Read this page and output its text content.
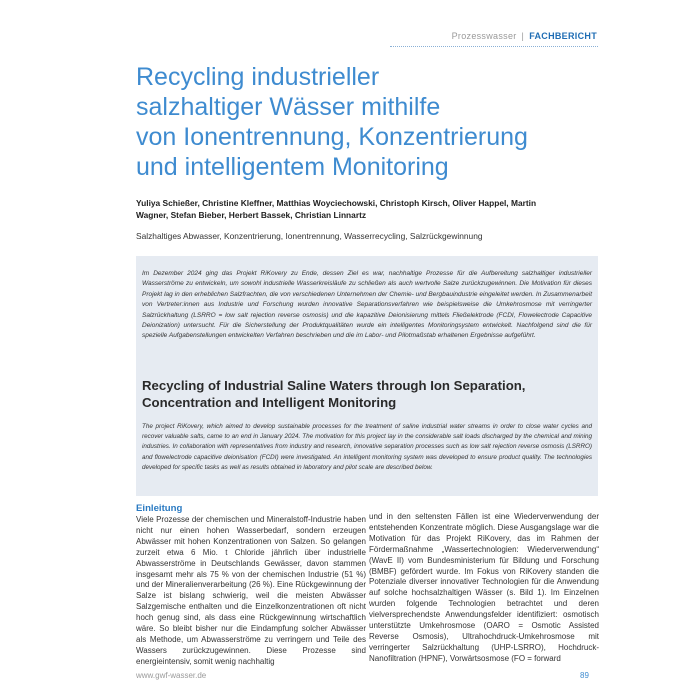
Prozesswasser | FACHBERICHT
Recycling industrieller
salzhaltiger Wässer mithilfe
von Ionentrennung, Konzentrierung
und intelligentem Monitoring
Yuliya Schießer, Christine Kleffner, Matthias Woyciechowski, Christoph Kirsch, Oliver Happel, Martin Wagner, Stefan Bieber, Herbert Bassek, Christian Linnartz
Salzhaltiges Abwasser, Konzentrierung, Ionentrennung, Wasserrecycling, Salzrückgewinnung

Im Dezember 2024 ging das Projekt RiKovery zu Ende, dessen Ziel es war, nachhaltige Prozesse für die Aufbereitung salzhaltiger industrieller Wasserströme zu entwickeln, um sowohl industrielle Wasserkreisläufe zu schließen als auch wertvolle Salze zurückzugewinnen. Die Motivation für dieses Projekt lag in den erheblichen Salzfrachten, die von verschiedenen Unternehmen der Chemie- und Bergbauindustrie eingeleitet werden. In Zusammenarbeit von Vertreter:innen aus Industrie und Forschung wurden innovative Separationsverfahren wie beispielsweise die Umkehrosmose mit verringerter Salzrückhaltung (LSRRO = low salt rejection reverse osmosis) und die kapazitive Deionisierung mittels Fließelektrode (FCDI, Flowelectrode Capacitive Deionization) untersucht. Für die Sicherstellung der Produktqualitäten wurde ein intelligentes Monitoringsystem entwickelt. Nachfolgend sind die für spezielle Aufgabenstellungen entwickelten Verfahren beschrieben und die im Labor- und Pilotmaßstab erhaltenen Ergebnisse aufgeführt.

Recycling of Industrial Saline Waters through Ion Separation,
Concentration and Intelligent Monitoring

The project RiKovery, which aimed to develop sustainable processes for the treatment of saline industrial water streams in order to close water cycles and recover valuable salts, came to an end in January 2024. The motivation for this project lay in the considerable salt loads discharged by the chemical and mining industries. In collaboration with representatives from industry and research, innovative separation processes such as low salt rejection reverse osmosis (LSRRO) and flowelectrode capacitive deionisation (FCDI) were investigated. An intelligent monitoring system was developed to ensure product quality. The technologies developed for specific tasks as well as results obtained in laboratory and pilot scale are described below.

Einleitung

Viele Prozesse der chemischen und Mineralstoff-Industrie haben nicht nur einen hohen Wasserbedarf, sondern erzeugen Abwässer mit hohen Konzentrationen von Salzen. So gelangen zurzeit etwa 6 Mio. t Chloride jährlich über industrielle Abwasserströme in Deutschlands Gewässer, davon stammen insgesamt mehr als 75 % von der chemischen Industrie (51 %) und der Mineralienverarbeitung (26 %). Eine Rückgewinnung der Salze ist bislang schwierig, weil die meisten Abwässer Salzgemische enthalten und die Einzelkonzentrationen oft nicht hoch genug sind, als dass eine Rückgewinnung wirtschaftlich wäre. So bleibt bisher nur die Eindampfung solcher Abwässer als Methode, um Abwasserströme zu verringern und Teile des Wassers zurückzugewinnen. Diese Prozesse sind energieintensiv, somit wenig nachhaltig

und in den seltensten Fällen ist eine Wiederverwendung der entstehenden Konzentrate möglich. Diese Ausgangslage war die Motivation für das Projekt RiKovery, das im Rahmen der Fördermaßnahme „Wassertechnologien: Wiederverwendung“ (WavE II) vom Bundesministerium für Bildung und Forschung (BMBF) gefördert wurde. Im Fokus von RiKovery standen die Potenziale diverser innovativer Technologien für die Anwendung auf solche hochsalzhaltigen Wässer (s. Bild 1). Im Einzelnen wurden folgende Technologien betrachtet und deren vielversprechendste Anwendungsfelder identifiziert: osmotisch unterstützte Umkehrosmose (OARO = Osmotic Assisted Reverse Osmosis), Ultrahochdruck-Umkehrosmose mit verringerter Salzrückhaltung (UHP-LSRRO), Hochdruck-Nanofiltration (HPNF), Vorwärtsosmose (FO = forward

www.gwf-wasser.de	89
